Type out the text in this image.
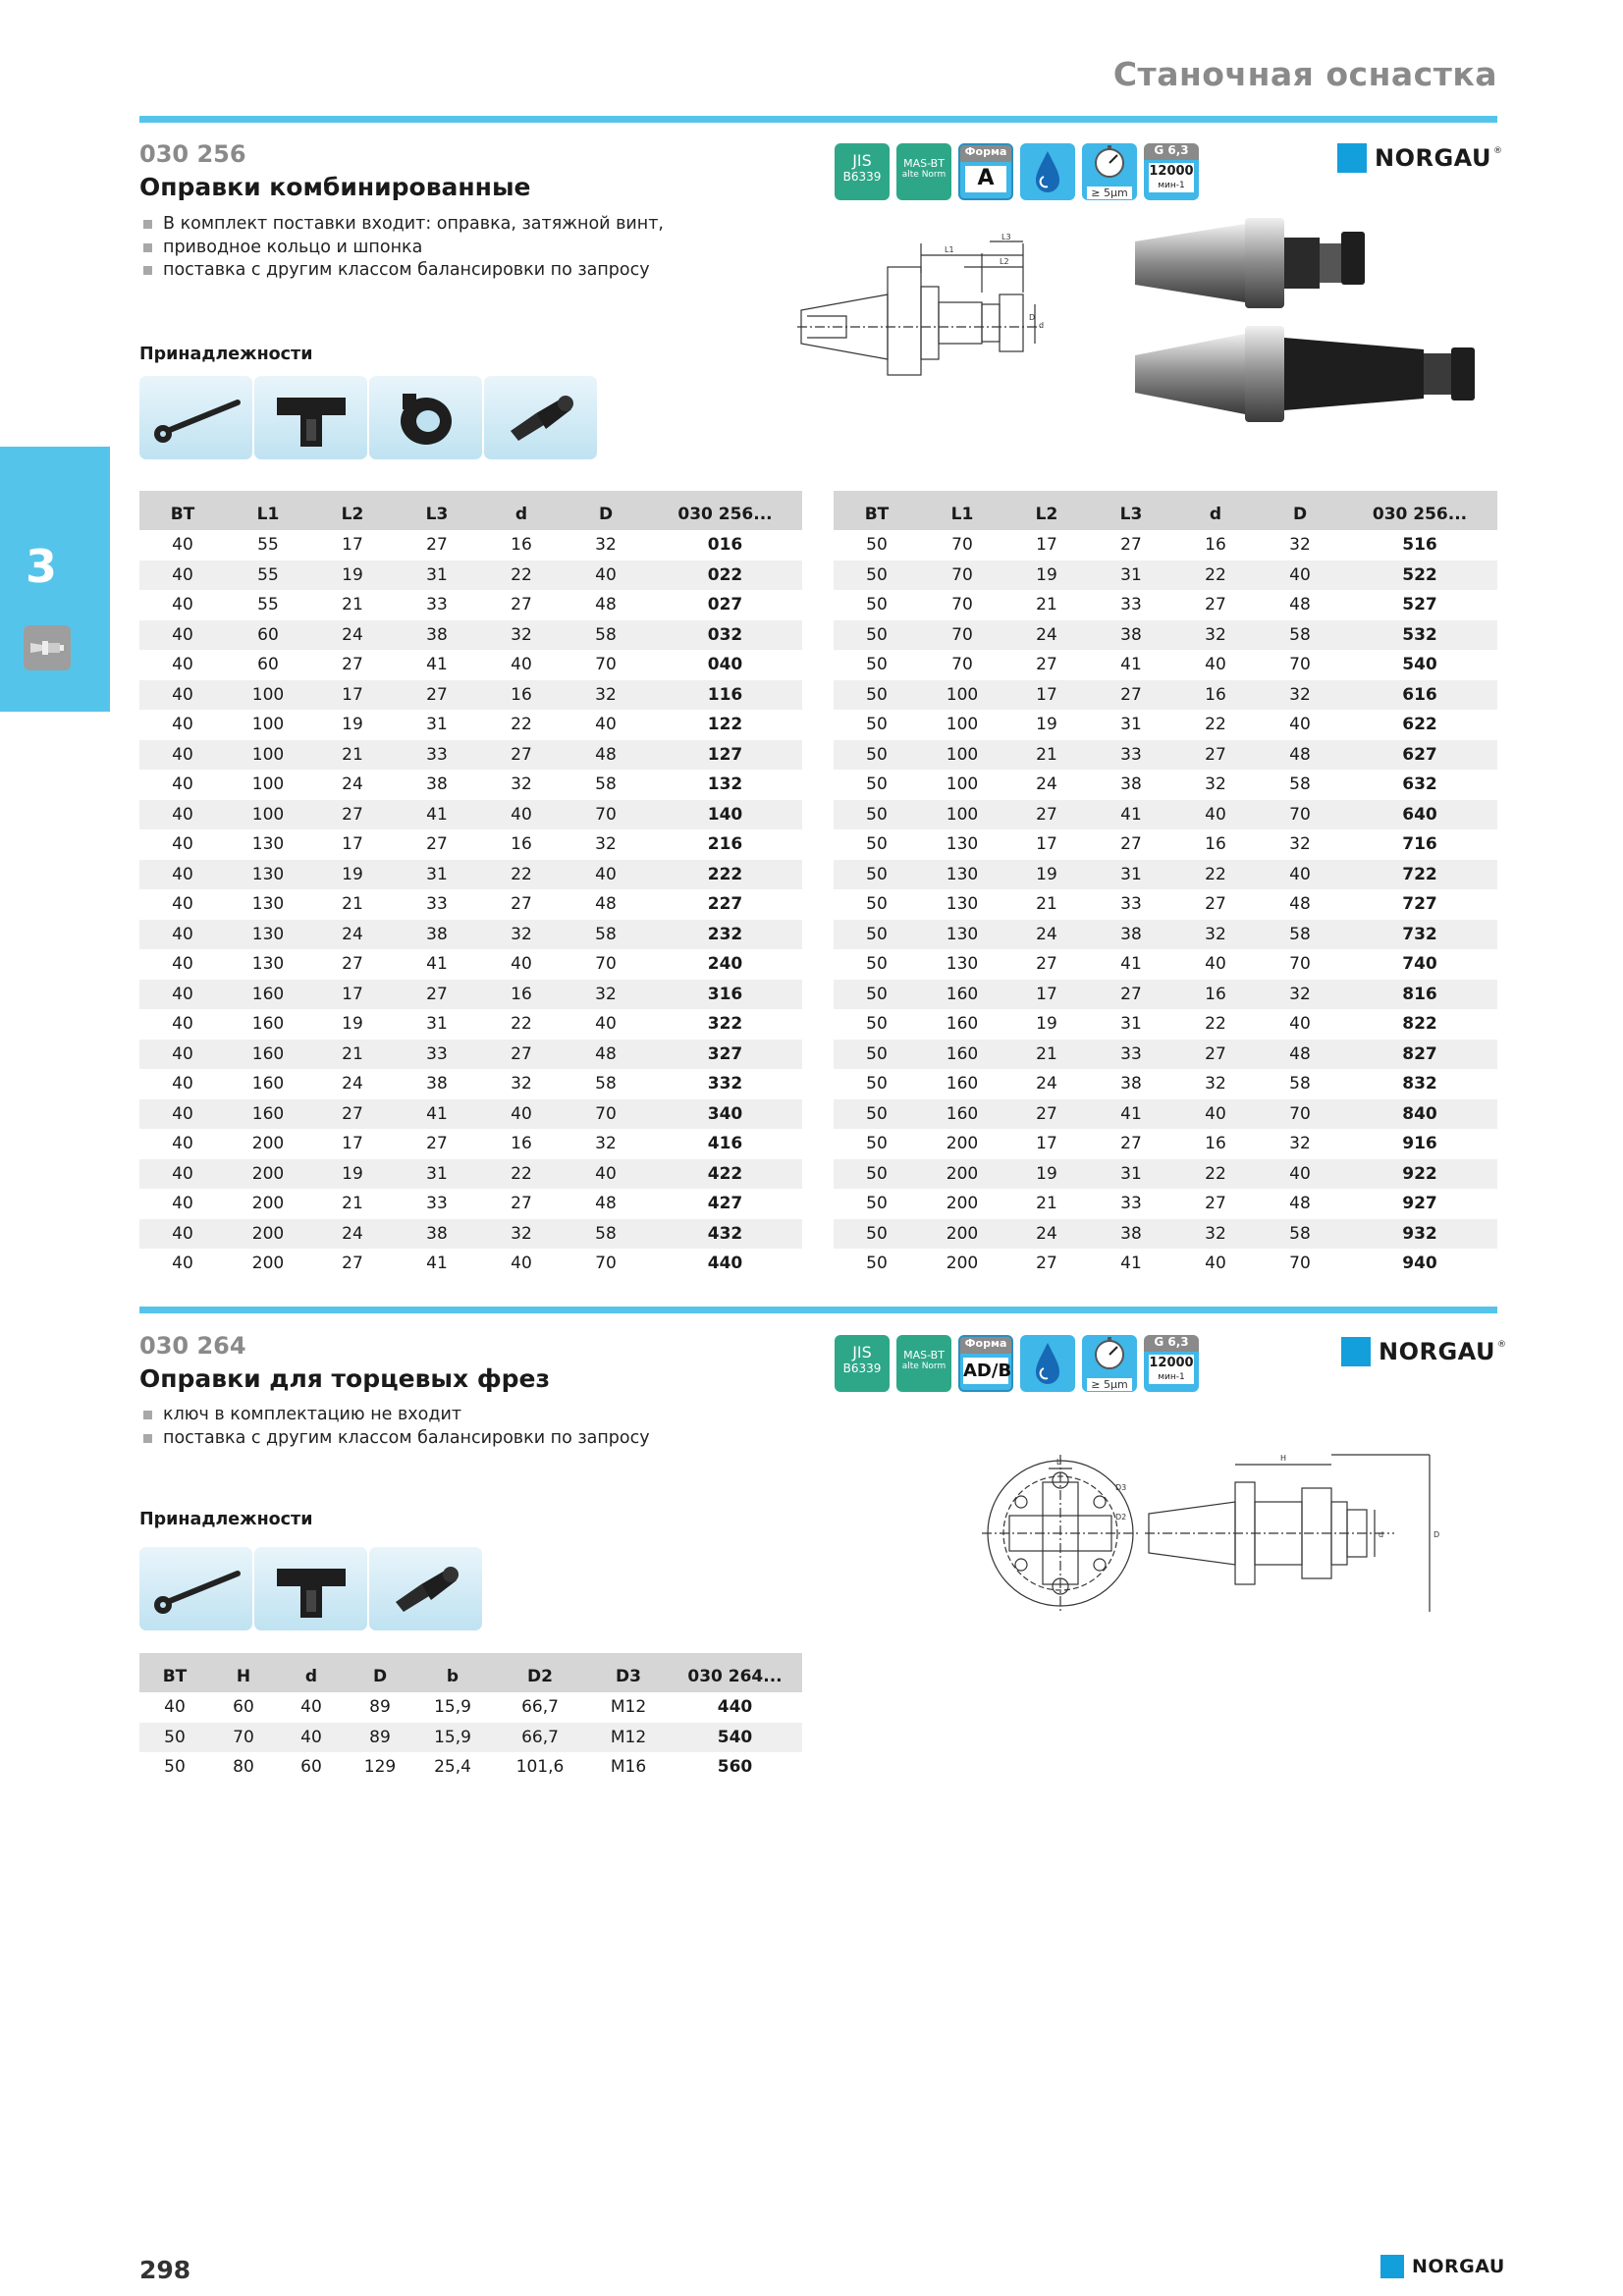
Станочная оснастка
3
030 256
Оправки комбинированные
В комплект поставки входит: оправка, затяжной винт,
приводное кольцо и шпонка
поставка с другим классом балансировки по запросу
Принадлежности
JIS
B6339
MAS-BT
alte Norm
Форма
A
≥ 5µm
G 6,3
12000
мин-1
NORGAU ®
L1
L2
L3
d
D
BT	L1	L2	L3	d	D	030 256...
40	55	17	27	16	32	016
40	55	19	31	22	40	022
40	55	21	33	27	48	027
40	60	24	38	32	58	032
40	60	27	41	40	70	040
40	100	17	27	16	32	116
40	100	19	31	22	40	122
40	100	21	33	27	48	127
40	100	24	38	32	58	132
40	100	27	41	40	70	140
40	130	17	27	16	32	216
40	130	19	31	22	40	222
40	130	21	33	27	48	227
40	130	24	38	32	58	232
40	130	27	41	40	70	240
40	160	17	27	16	32	316
40	160	19	31	22	40	322
40	160	21	33	27	48	327
40	160	24	38	32	58	332
40	160	27	41	40	70	340
40	200	17	27	16	32	416
40	200	19	31	22	40	422
40	200	21	33	27	48	427
40	200	24	38	32	58	432
40	200	27	41	40	70	440
BT	L1	L2	L3	d	D	030 256...
50	70	17	27	16	32	516
50	70	19	31	22	40	522
50	70	21	33	27	48	527
50	70	24	38	32	58	532
50	70	27	41	40	70	540
50	100	17	27	16	32	616
50	100	19	31	22	40	622
50	100	21	33	27	48	627
50	100	24	38	32	58	632
50	100	27	41	40	70	640
50	130	17	27	16	32	716
50	130	19	31	22	40	722
50	130	21	33	27	48	727
50	130	24	38	32	58	732
50	130	27	41	40	70	740
50	160	17	27	16	32	816
50	160	19	31	22	40	822
50	160	21	33	27	48	827
50	160	24	38	32	58	832
50	160	27	41	40	70	840
50	200	17	27	16	32	916
50	200	19	31	22	40	922
50	200	21	33	27	48	927
50	200	24	38	32	58	932
50	200	27	41	40	70	940
030 264
Оправки для торцевых фрез
ключ в комплектацию не входит
поставка с другим классом балансировки по запросу
Принадлежности
JIS
B6339
MAS-BT
alte Norm
Форма
AD/B
≥ 5µm
G 6,3
12000
мин-1
NORGAU ®
b
D3
D2
H
d	D
BT	H	d	D	b	D2	D3	030 264...
40	60	40	89	15,9	66,7	M12	440
50	70	40	89	15,9	66,7	M12	540
50	80	60	129	25,4	101,6	M16	560
298	NORGAU
